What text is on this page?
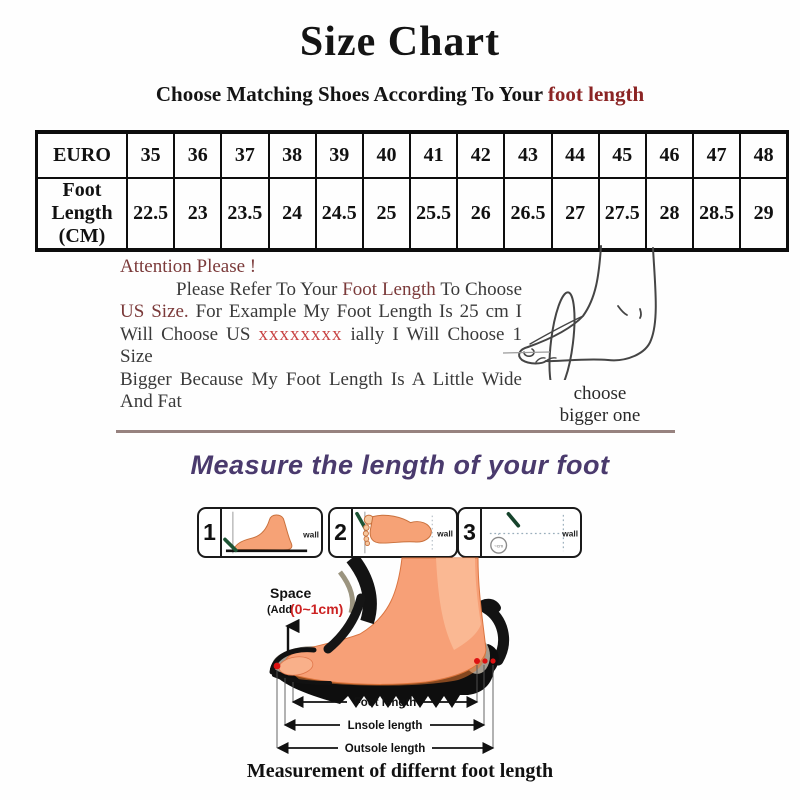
Size Chart
Choose Matching Shoes According To Your foot length
EURO	35	36	37	38	39	40	41	42	43	44	45	46	47	48
Foot Length (CM)	22.5	23	23.5	24	24.5	25	25.5	26	26.5	27	27.5	28	28.5	29
Attention Please !
Please Refer To Your Foot Length To Choose
US Size. For Example My Foot Length Is 25 cm I
Will Choose US xxxxxxxx ially I Will Choose 1 Size
Bigger Because My Foot Length Is A Little Wide
And Fat	choose
bigger one
Measure the length of your foot
1	wall 2	wall 3
~cm
wall
Space
(Add
(0~1cm)
Foot length
Lnsole length
Outsole length
Measurement of differnt foot length
